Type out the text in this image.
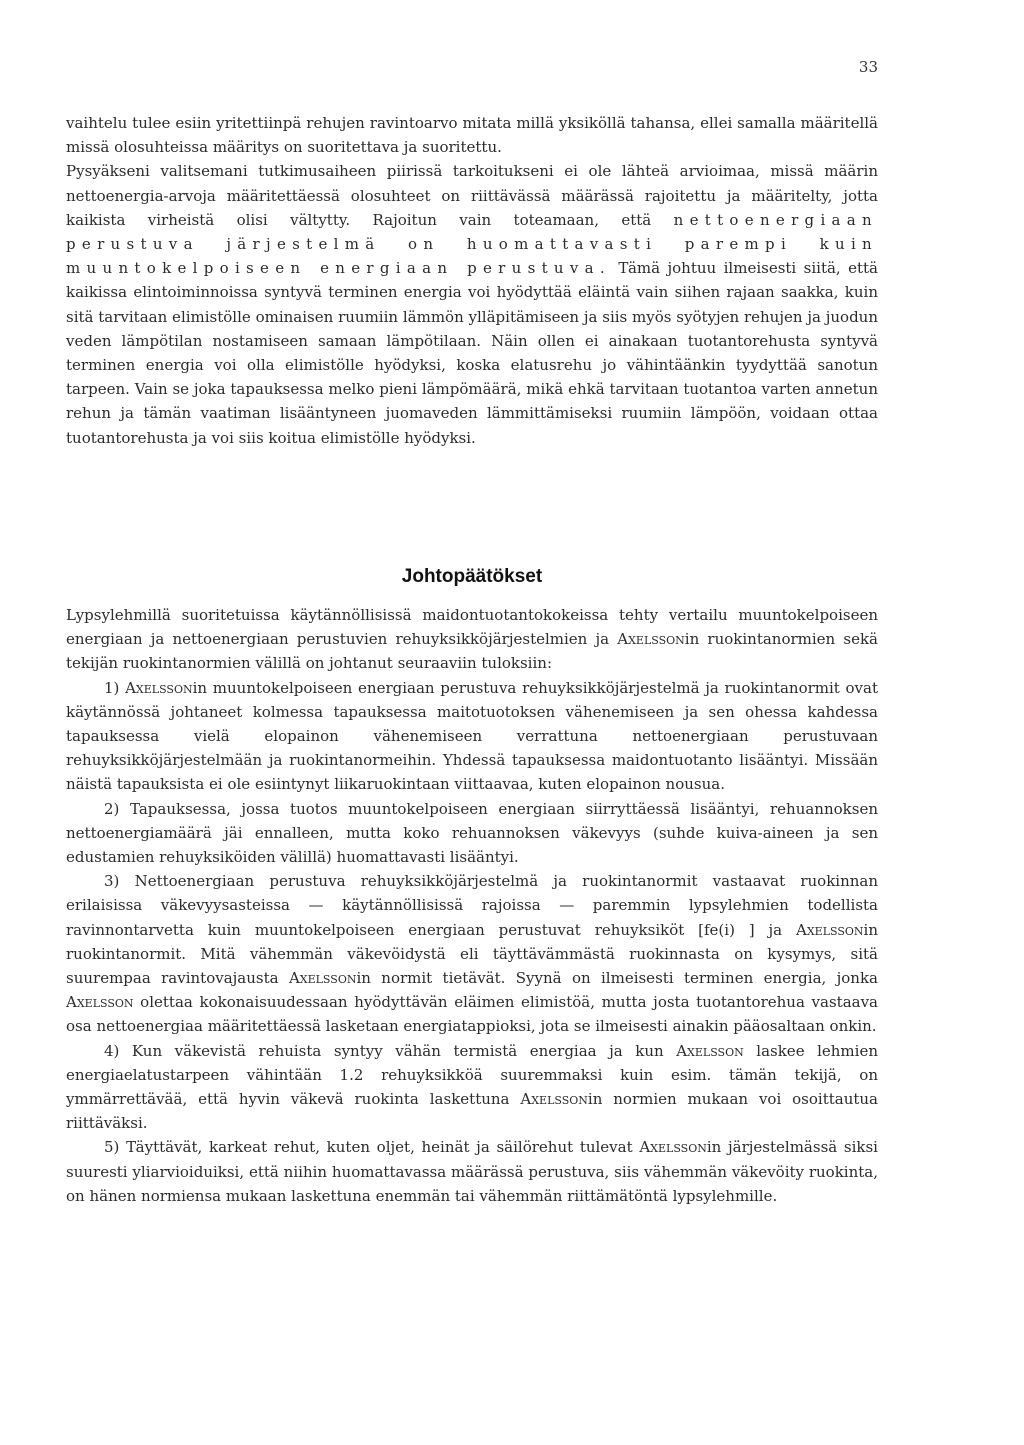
33

vaihtelu tulee esiin yritettiinpä rehujen ravintoarvo mitata millä yksiköllä tahansa, ellei samalla määritellä missä olosuhteissa määritys on suoritettava ja suoritettu.

Pysyäkseni valitsemani tutkimusaiheen piirissä tarkoitukseni ei ole lähteä arvioimaa, missä määrin nettoenergia-arvoja määritettäessä olosuhteet on riittävässä määrässä rajoitettu ja määritelty, jotta kaikista virheistä olisi vältytty. Rajoitun vain toteamaan, että nettoenergiaan perustuva järjestelmä on huomattavasti parempi kuin muuntokelpoiseen energiaan perustuva. Tämä johtuu ilmeisesti siitä, että kaikissa elintoiminnoissa syntyvä terminen energia voi hyödyttää eläintä vain siihen rajaan saakka, kuin sitä tarvitaan elimistölle ominaisen ruumiin lämmön ylläpitämiseen ja siis myös syötyjen rehujen ja juodun veden lämpötilan nostamiseen samaan lämpötilaan. Näin ollen ei ainakaan tuotantorehusta syntyvä terminen energia voi olla elimistölle hyödyksi, koska elatusrehu jo vähintäänkin tyydyttää sanotun tarpeen. Vain se joka tapauksessa melko pieni lämpömäärä, mikä ehkä tarvitaan tuotantoa varten annetun rehun ja tämän vaatiman lisääntyneen juomaveden lämmittämiseksi ruumiin lämpöön, voidaan ottaa tuotantorehusta ja voi siis koitua elimistölle hyödyksi.

Johtopäätökset

Lypsylehmillä suoritetuissa käytännöllisissä maidontuotantokokeissa tehty vertailu muuntokelpoiseen energiaan ja nettoenergiaan perustuvien rehuyksikköjärjestelmien ja Axelssonin ruokintanormien sekä tekijän ruokintanormien välillä on johtanut seuraaviin tuloksiin:

1) Axelssonin muuntokelpoiseen energiaan perustuva rehuyksikköjärjestelmä ja ruokintanormit ovat käytännössä johtaneet kolmessa tapauksessa maitotuotoksen vähenemiseen ja sen ohessa kahdessa tapauksessa vielä elopainon vähenemiseen verrattuna nettoenergiaan perustuvaan rehuyksikköjärjestelmään ja ruokintanormeihin. Yhdessä tapauksessa maidontuotanto lisääntyi. Missään näistä tapauksista ei ole esiintynyt liikaruokintaan viittaavaa, kuten elopainon nousua.

2) Tapauksessa, jossa tuotos muuntokelpoiseen energiaan siirryttäessä lisääntyi, rehuannoksen nettoenergiamäärä jäi ennalleen, mutta koko rehuannoksen väkevyys (suhde kuiva-aineen ja sen edustamien rehuyksiköiden välillä) huomattavasti lisääntyi.

3) Nettoenergiaan perustuva rehuyksikköjärjestelmä ja ruokintanormit vastaavat ruokinnan erilaisissa väkevyysasteissa — käytännöllisissä rajoissa — paremmin lypsylehmien todellista ravinnontarvetta kuin muuntokelpoiseen energiaan perustuvat rehuyksiköt [fe(i) ] ja Axelssonin ruokintanormit. Mitä vähemmän väkevöidystä eli täyttävämmästä ruokinnasta on kysymys, sitä suurempaa ravintovajausta Axelssonin normit tietävät. Syynä on ilmeisesti terminen energia, jonka Axelsson olettaa kokonaisuudessaan hyödyttävän eläimen elimistöä, mutta josta tuotantorehua vastaava osa nettoenergiaa määritettäessä lasketaan energiatappioksi, jota se ilmeisesti ainakin pääosaltaan onkin.

4) Kun väkevistä rehuista syntyy vähän termistä energiaa ja kun Axelsson laskee lehmien energiaelatustarpeen vähintään 1.2 rehuyksikköä suuremmaksi kuin esim. tämän tekijä, on ymmärrettävää, että hyvin väkevä ruokinta laskettuna Axelssonin normien mukaan voi osoittautua riittäväksi.

5) Täyttävät, karkeat rehut, kuten oljet, heinät ja säilörehut tulevat Axelssonin järjestelmässä siksi suuresti yliarvioiduiksi, että niihin huomattavassa määrässä perustuva, siis vähemmän väkevöity ruokinta, on hänen normiensa mukaan laskettuna enemmän tai vähemmän riittämätöntä lypsylehmille.
